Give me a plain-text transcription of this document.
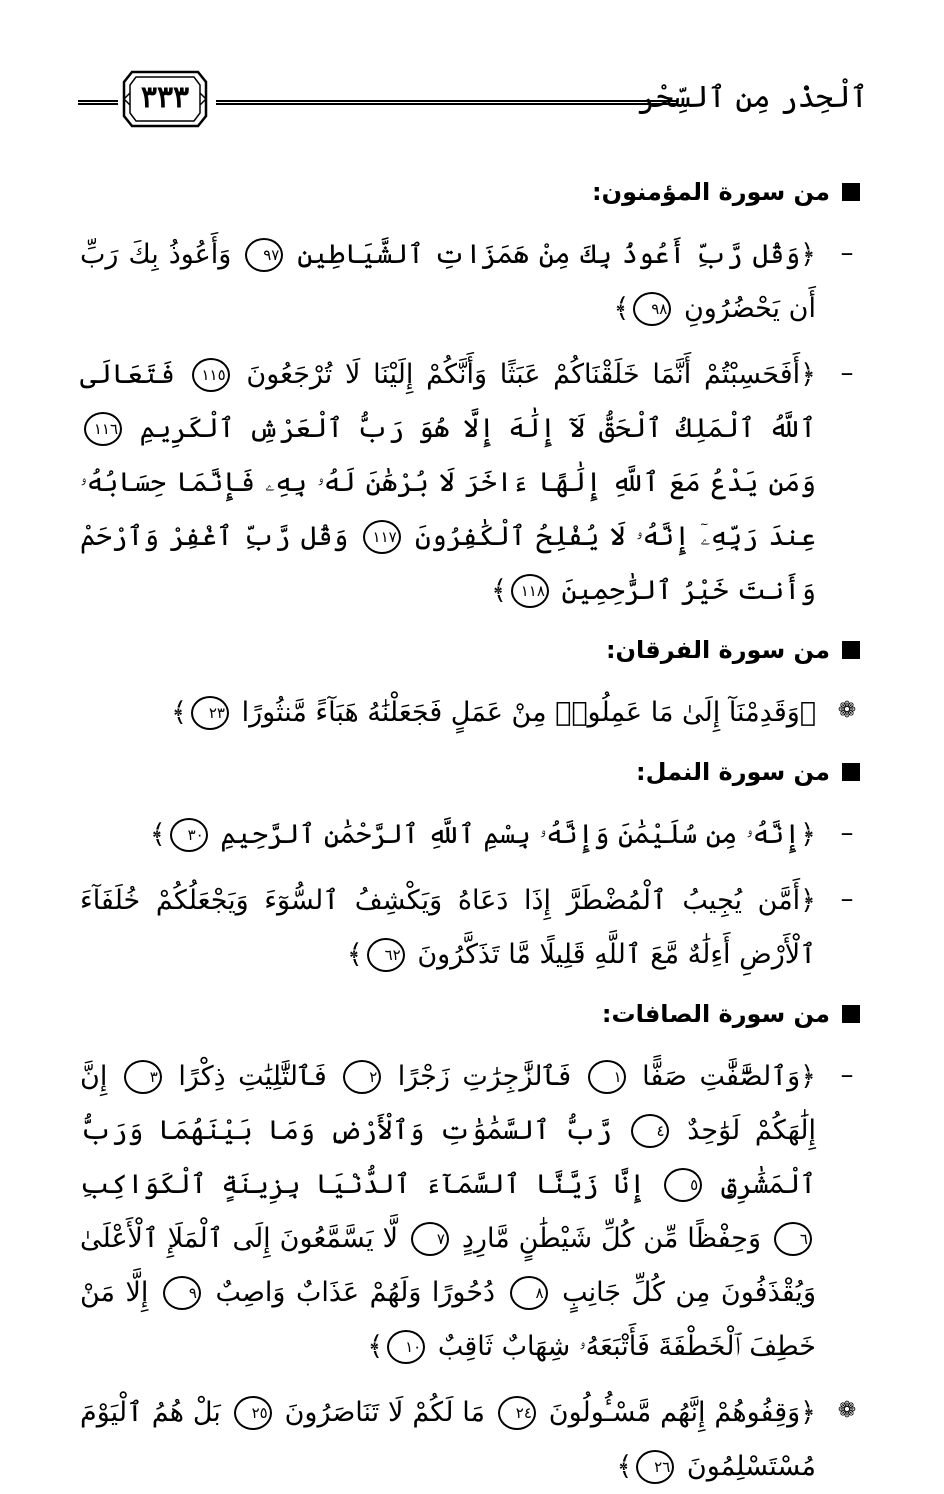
٣٣٣	ٱلْحِذْر مِن ٱلسِّحْر
من سورة المؤمنون:
–
﴿وَقُل رَّبِّ أَعُوذُ بِكَ مِنْ هَمَزَاتِ ٱلشَّيَاطِينِ ٩٧ وَأَعُوذُ بِكَ رَبِّ أَن يَحْضُرُونِ ٩٨﴾
–
﴿أَفَحَسِبْتُمْ أَنَّمَا خَلَقْنَاكُمْ عَبَثًا وَأَنَّكُمْ إِلَيْنَا لَا تُرْجَعُونَ ١١٥ فَتَعَالَى ٱللَّهُ ٱلْمَلِكُ ٱلْحَقُّ لَآ إِلَٰهَ إِلَّا هُوَ رَبُّ ٱلْعَرْشِ ٱلْكَرِيمِ ١١٦ وَمَن يَدْعُ مَعَ ٱللَّهِ إِلَٰهًا ءَاخَرَ لَا بُرْهَٰنَ لَهُۥ بِهِۦ فَإِنَّمَا حِسَابُهُۥ عِندَ رَبِّهِۦٓ إِنَّهُۥ لَا يُفْلِحُ ٱلْكَٰفِرُونَ ١١٧ وَقُل رَّبِّ ٱغْفِرْ وَٱرْحَمْ وَأَنتَ خَيْرُ ٱلرَّٰحِمِينَ ١١٨﴾
من سورة الفرقان:
❁
﴿وَقَدِمْنَآ إِلَىٰ مَا عَمِلُوا۟ مِنْ عَمَلٍ فَجَعَلْنَٰهُ هَبَآءً مَّنثُورًا ٢٣﴾
من سورة النمل:
–
﴿إِنَّهُۥ مِن سُلَيْمَٰنَ وَإِنَّهُۥ بِسْمِ ٱللَّهِ ٱلرَّحْمَٰنِ ٱلرَّحِيمِ ٣٠﴾
–
﴿أَمَّن يُجِيبُ ٱلْمُضْطَرَّ إِذَا دَعَاهُ وَيَكْشِفُ ٱلسُّوٓءَ وَيَجْعَلُكُمْ خُلَفَآءَ ٱلْأَرْضِ أَءِلَٰهٌ مَّعَ ٱللَّهِ قَلِيلًا مَّا تَذَكَّرُونَ ٦٢﴾
من سورة الصافات:
–
﴿وَٱلصَّٰٓفَّٰتِ صَفًّا ١ فَٱلزَّٰجِرَٰتِ زَجْرًا ٢ فَٱلتَّٰلِيَٰتِ ذِكْرًا ٣ إِنَّ إِلَٰهَكُمْ لَوَٰحِدٌ ٤ رَّبُّ ٱلسَّمَٰوَٰتِ وَٱلْأَرْضِ وَمَا بَيْنَهُمَا وَرَبُّ ٱلْمَشَٰرِقِ ٥ إِنَّا زَيَّنَّا ٱلسَّمَآءَ ٱلدُّنْيَا بِزِينَةٍ ٱلْكَوَاكِبِ ٦ وَحِفْظًا مِّن كُلِّ شَيْطَٰنٍ مَّارِدٍ ٧ لَّا يَسَّمَّعُونَ إِلَى ٱلْمَلَإِ ٱلْأَعْلَىٰ وَيُقْذَفُونَ مِن كُلِّ جَانِبٍ ٨ دُحُورًا وَلَهُمْ عَذَابٌ وَاصِبٌ ٩ إِلَّا مَنْ خَطِفَ ٱلْخَطْفَةَ فَأَتْبَعَهُۥ شِهَابٌ ثَاقِبٌ ١٠﴾
❁
﴿وَقِفُوهُمْ إِنَّهُم مَّسْـُٔولُونَ ٢٤ مَا لَكُمْ لَا تَنَاصَرُونَ ٢٥ بَلْ هُمُ ٱلْيَوْمَ مُسْتَسْلِمُونَ ٢٦﴾
